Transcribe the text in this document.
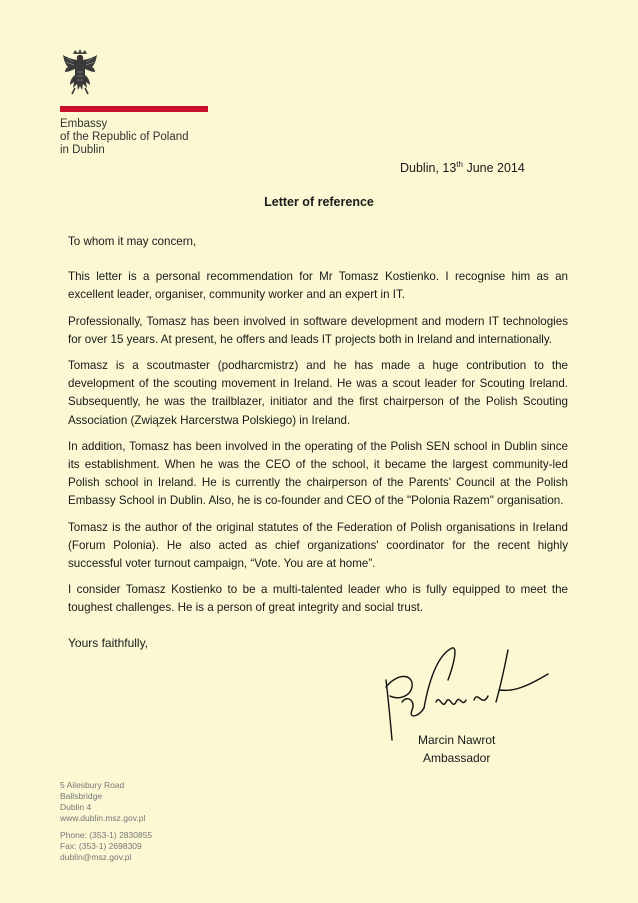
Embassy
of the Republic of Poland
in Dublin
Dublin, 13th June 2014
Letter of reference

To whom it may concern,

This letter is a personal recommendation for Mr Tomasz Kostienko. I recognise him as an excellent leader, organiser, community worker and an expert in IT.

Professionally, Tomasz has been involved in software development and modern IT technologies for over 15 years. At present, he offers and leads IT projects both in Ireland and internationally.

Tomasz is a scoutmaster (podharcmistrz) and he has made a huge contribution to the development of the scouting movement in Ireland. He was a scout leader for Scouting Ireland. Subsequently, he was the trailblazer, initiator and the first chairperson of the Polish Scouting Association (Związek Harcerstwa Polskiego) in Ireland.

In addition, Tomasz has been involved in the operating of the Polish SEN school in Dublin since its establishment. When he was the CEO of the school, it became the largest community-led Polish school in Ireland. He is currently the chairperson of the Parents' Council at the Polish Embassy School in Dublin. Also, he is co-founder and CEO of the "Polonia Razem" organisation.

Tomasz is the author of the original statutes of the Federation of Polish organisations in Ireland (Forum Polonia). He also acted as chief organizations' coordinator for the recent highly successful voter turnout campaign, “Vote. You are at home”.

I consider Tomasz Kostienko to be a multi-talented leader who is fully equipped to meet the toughest challenges. He is a person of great integrity and social trust.

Yours faithfully,
Marcin Nawrot
Ambassador
5 Ailesbury Road
Ballsbridge
Dublin 4
www.dublin.msz.gov.pl
Phone: (353-1) 2830855
Fax: (353-1) 2698309
dublin@msz.gov.pl
